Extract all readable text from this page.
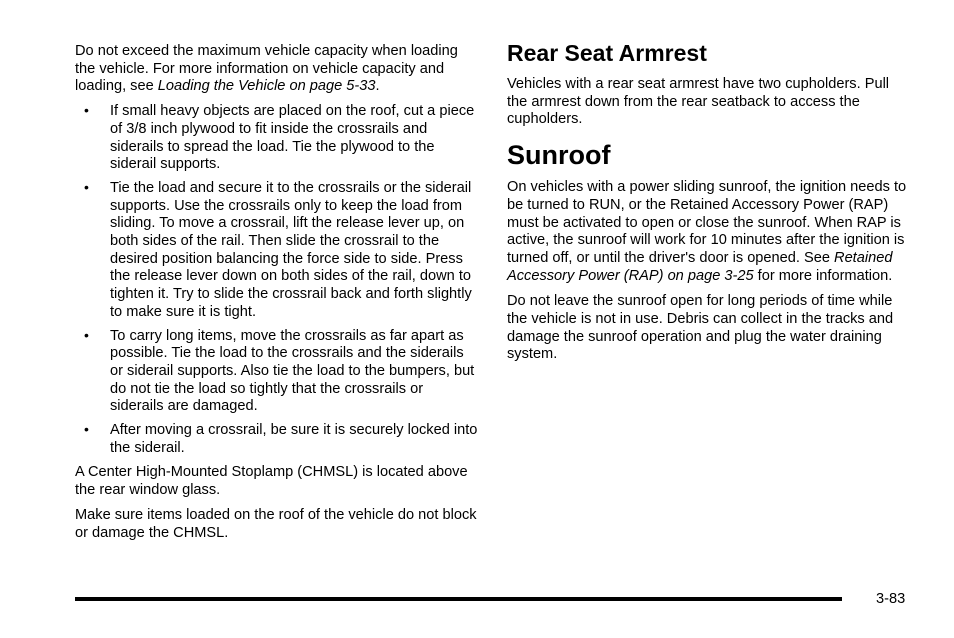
Do not exceed the maximum vehicle capacity when loading the vehicle. For more information on vehicle capacity and loading, see Loading the Vehicle on page 5-33.

• If small heavy objects are placed on the roof, cut a piece of 3/8 inch plywood to fit inside the crossrails and siderails to spread the load. Tie the plywood to the siderail supports.
• Tie the load and secure it to the crossrails or the siderail supports. Use the crossrails only to keep the load from sliding. To move a crossrail, lift the release lever up, on both sides of the rail. Then slide the crossrail to the desired position balancing the force side to side. Press the release lever down on both sides of the rail, down to tighten it. Try to slide the crossrail back and forth slightly to make sure it is tight.
• To carry long items, move the crossrails as far apart as possible. Tie the load to the crossrails and the siderails or siderail supports. Also tie the load to the bumpers, but do not tie the load so tightly that the crossrails or siderails are damaged.
• After moving a crossrail, be sure it is securely locked into the siderail.

A Center High-Mounted Stoplamp (CHMSL) is located above the rear window glass.

Make sure items loaded on the roof of the vehicle do not block or damage the CHMSL.

Rear Seat Armrest

Vehicles with a rear seat armrest have two cupholders. Pull the armrest down from the rear seatback to access the cupholders.

Sunroof

On vehicles with a power sliding sunroof, the ignition needs to be turned to RUN, or the Retained Accessory Power (RAP) must be activated to open or close the sunroof. When RAP is active, the sunroof will work for 10 minutes after the ignition is turned off, or until the driver's door is opened. See Retained Accessory Power (RAP) on page 3-25 for more information.

Do not leave the sunroof open for long periods of time while the vehicle is not in use. Debris can collect in the tracks and damage the sunroof operation and plug the water draining system.

3-83
